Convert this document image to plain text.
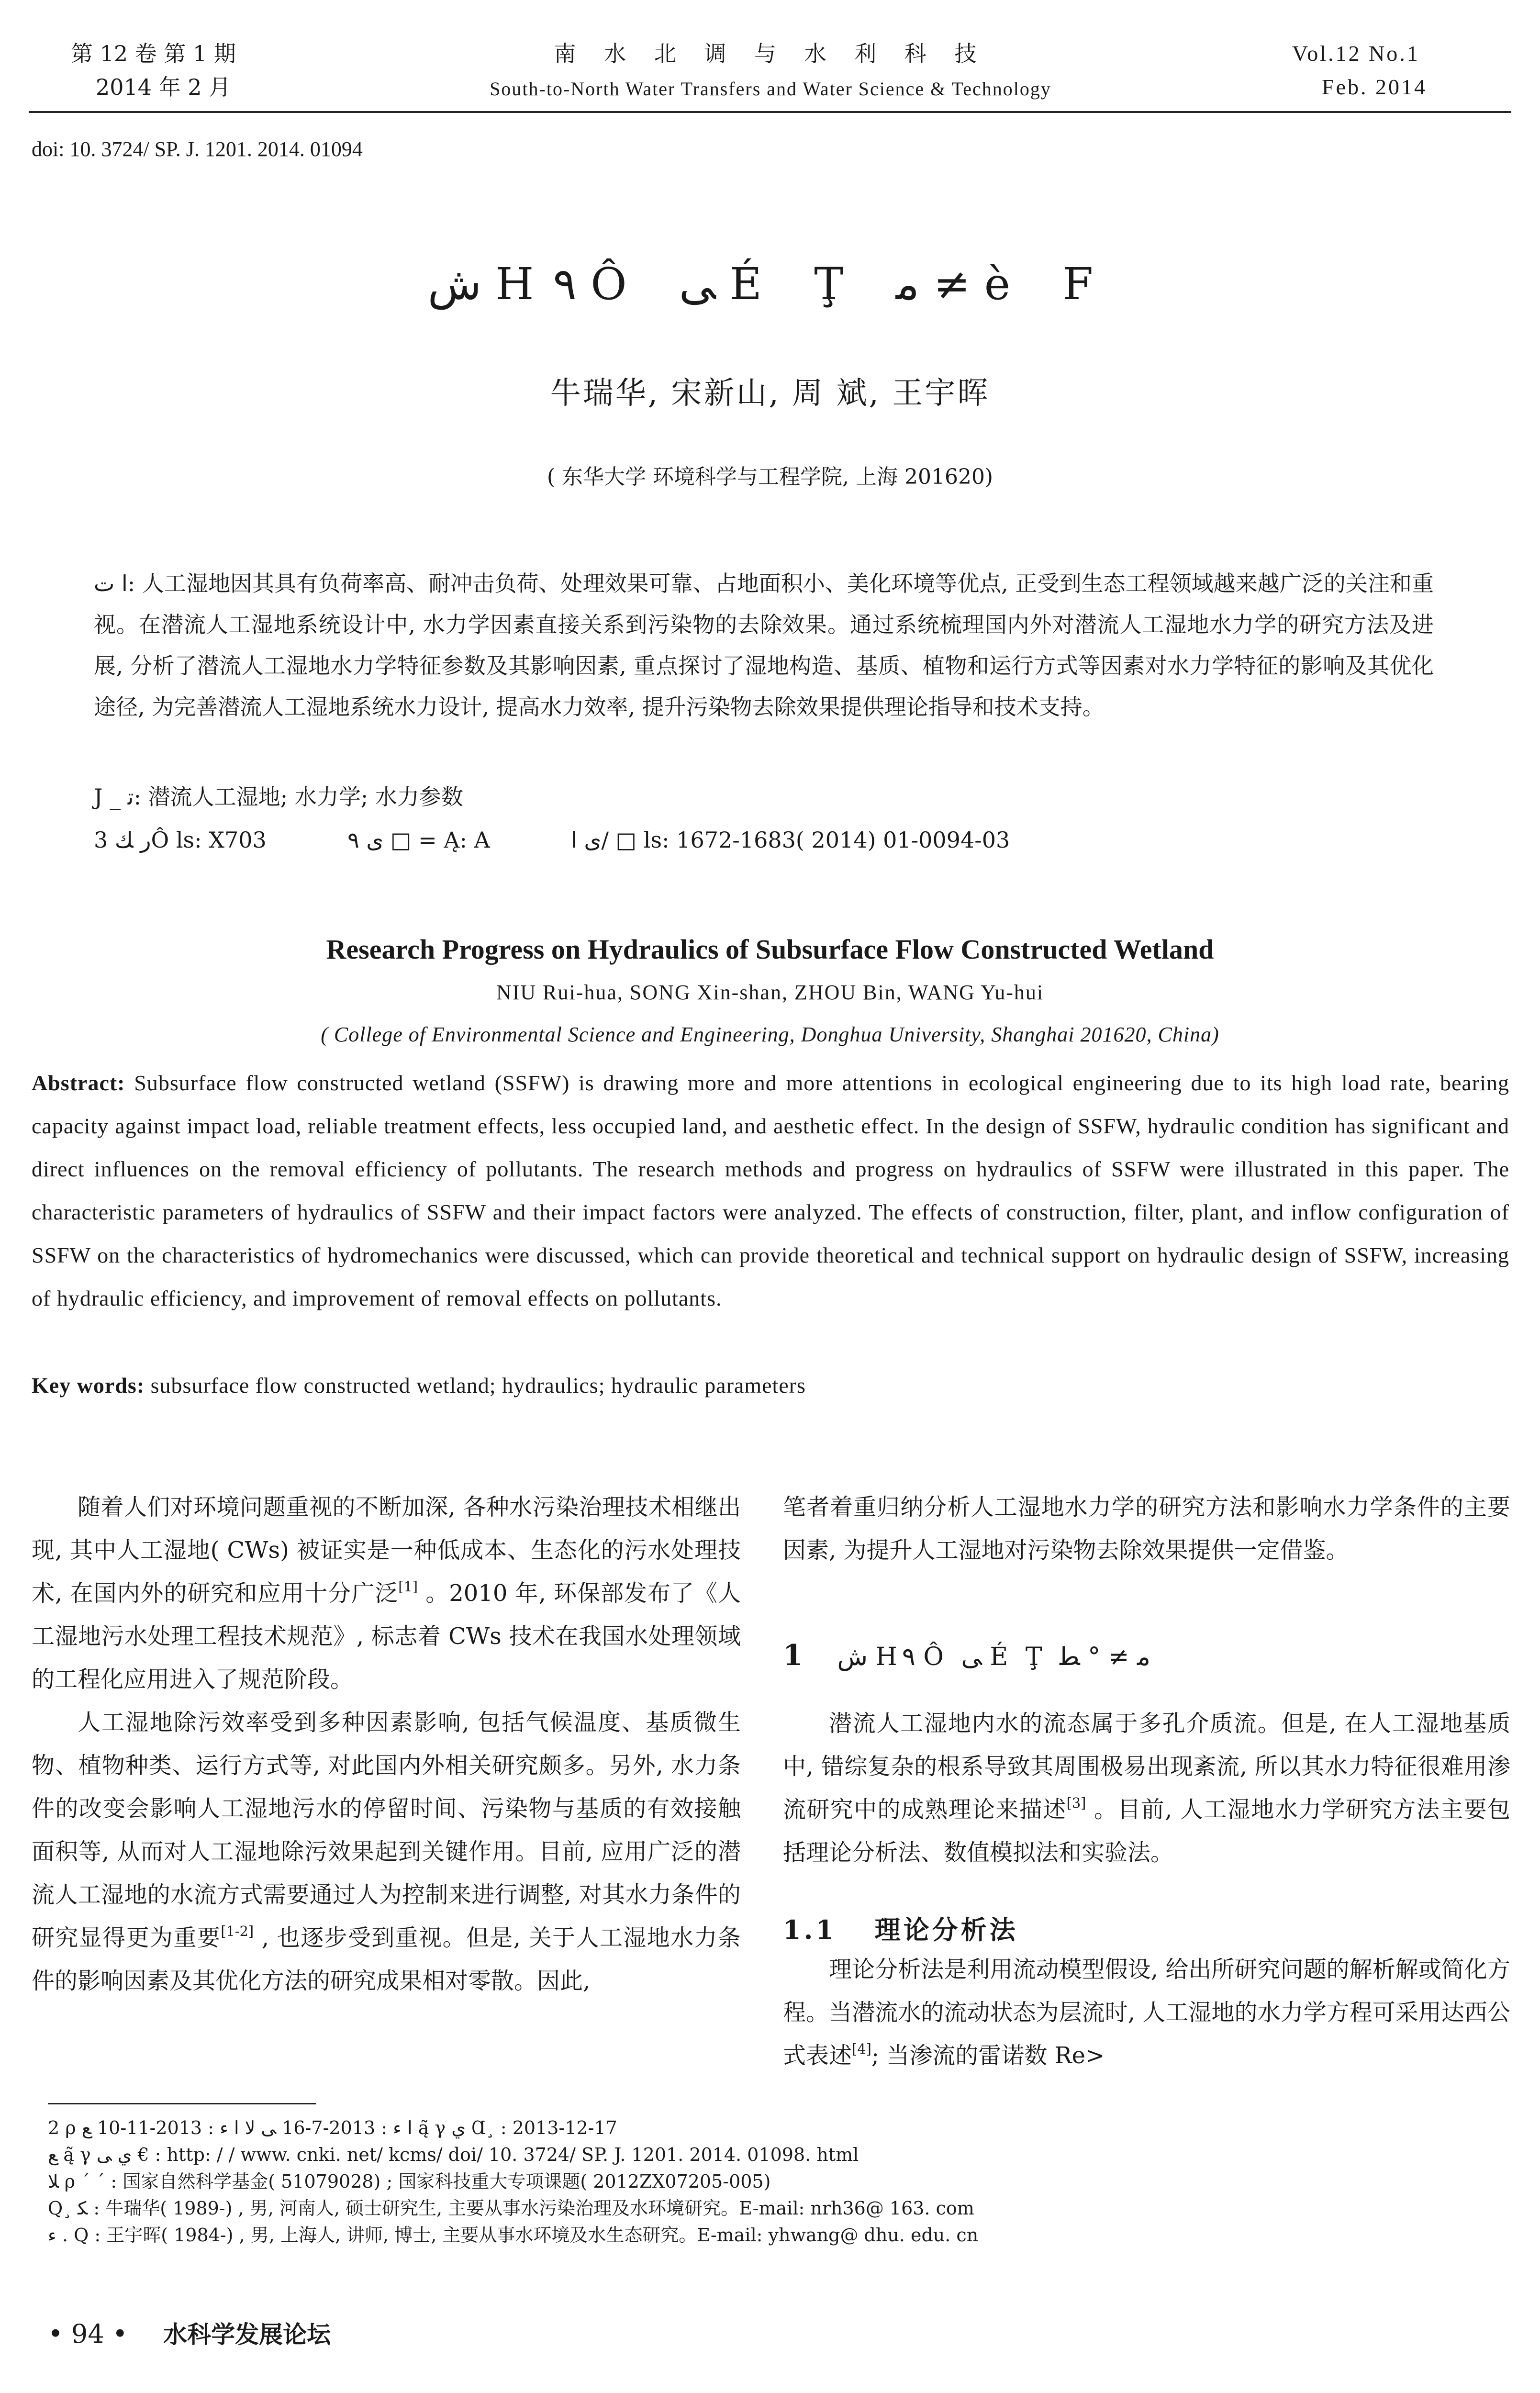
第 12 卷 第 1 期
2014 年 2 月
南 水 北 调 与 水 利 科 技
South-to-North Water Transfers and Water Science & Technology
Vol.12 No.1
Feb. 2014
doi: 10. 3724/ SP. J. 1201. 2014. 01094
ش H٩ Ô ﻰ É Ţ ﻣ ≠ è F
牛瑞华, 宋新山, 周 斌, 王宇晖
( 东华大学 环境科学与工程学院, 上海 201620)
ﺍ ﺕ: 人工湿地因其具有负荷率高、耐冲击负荷、处理效果可靠、占地面积小、美化环境等优点, 正受到生态工程领域越来越广泛的关注和重视。在潜流人工湿地系统设计中, 水力学因素直接关系到污染物的去除效果。通过系统梳理国内外对潜流人工湿地水力学的研究方法及进展, 分析了潜流人工湿地水力学特征参数及其影响因素, 重点探讨了湿地构造、基质、植物和运行方式等因素对水力学特征的影响及其优化途径, 为完善潜流人工湿地系统水力设计, 提高水力效率, 提升污染物去除效果提供理论指导和技术支持。
J _ ﺗ: 潜流人工湿地; 水力学; 水力参数
3 ﺭ ﻚÔ ls: X703	ﻯ ٩ □ = Ą: A	ﻯ ﺍ/ □ ls: 1672-1683( 2014) 01-0094-03
Research Progress on Hydraulics of Subsurface Flow Constructed Wetland
NIU Rui-hua, SONG Xin-shan, ZHOU Bin, WANG Yu-hui
( College of Environmental Science and Engineering, Donghua University, Shanghai 201620, China)
Abstract: Subsurface flow constructed wetland (SSFW) is drawing more and more attentions in ecological engineering due to its high load rate, bearing capacity against impact load, reliable treatment effects, less occupied land, and aesthetic effect. In the design of SSFW, hydraulic condition has significant and direct influences on the removal efficiency of pollutants. The research methods and progress on hydraulics of SSFW were illustrated in this paper. The characteristic parameters of hydraulics of SSFW and their impact factors were analyzed. The effects of construction, filter, plant, and inflow configuration of SSFW on the characteristics of hydromechanics were discussed, which can provide theoretical and technical support on hydraulic design of SSFW, increasing of hydraulic efficiency, and improvement of removal effects on pollutants.
Key words: subsurface flow constructed wetland; hydraulics; hydraulic parameters

随着人们对环境问题重视的不断加深, 各种水污染治理技术相继出现, 其中人工湿地( CWs) 被证实是一种低成本、生态化的污水处理技术, 在国内外的研究和应用十分广泛[1] 。2010 年, 环保部发布了《人工湿地污水处理工程技术规范》, 标志着 CWs 技术在我国水处理领域的工程化应用进入了规范阶段。

人工湿地除污效率受到多种因素影响, 包括气候温度、基质微生物、植物种类、运行方式等, 对此国内外相关研究颇多。另外, 水力条件的改变会影响人工湿地污水的停留时间、污染物与基质的有效接触面积等, 从而对人工湿地除污效果起到关键作用。目前, 应用广泛的潜流人工湿地的水流方式需要通过人为控制来进行调整, 对其水力条件的研究显得更为重要[1-2] , 也逐步受到重视。但是, 关于人工湿地水力条件的影响因素及其优化方法的研究成果相对零散。因此,

笔者着重归纳分析人工湿地水力学的研究方法和影响水力学条件的主要因素, 为提升人工湿地对污染物去除效果提供一定借鉴。

1 ش H٩ Ô ﻰ É Ţ ﻣ ≠ ° ﻄ

潜流人工湿地内水的流态属于多孔介质流。但是, 在人工湿地基质中, 错综复杂的根系导致其周围极易出现紊流, 所以其水力特征很难用渗流研究中的成熟理论来描述[3] 。目前, 人工湿地水力学研究方法主要包括理论分析法、数值模拟法和实验法。

1.1 理论分析法

理论分析法是利用流动模型假设, 给出所研究问题的解析解或简化方程。当潜流水的流动状态为层流时, 人工湿地的水力学方程可采用达西公式表述[4]; 当渗流的雷诺数 Re>

2 ρ ﺍ ﺀ : 2013-7-16 ﻰ ﻻ ﺍ ﺀ : 2013-11-10 ﻊ ą̃ γ ﻱ Ɑ¸ : 2013-12-17
ﻊ ą̃ γ ﻱ ﻰ € : http: / / www. cnki. net/ kcms/ doi/ 10. 3724/ SP. J. 1201. 2014. 01098. html
ﻼ ρ ´ ´ : 国家自然科学基金( 51079028) ; 国家科技重大专项课题( 2012ZX07205-005)
Q¸ ﻜ : 牛瑞华( 1989-) , 男, 河南人, 硕士研究生, 主要从事水污染治理及水环境研究。E-mail: nrh36@ 163. com
ﺀ . Q : 王宇晖( 1984-) , 男, 上海人, 讲师, 博士, 主要从事水环境及水生态研究。E-mail: yhwang@ dhu. edu. cn
• 94 • 水科学发展论坛
